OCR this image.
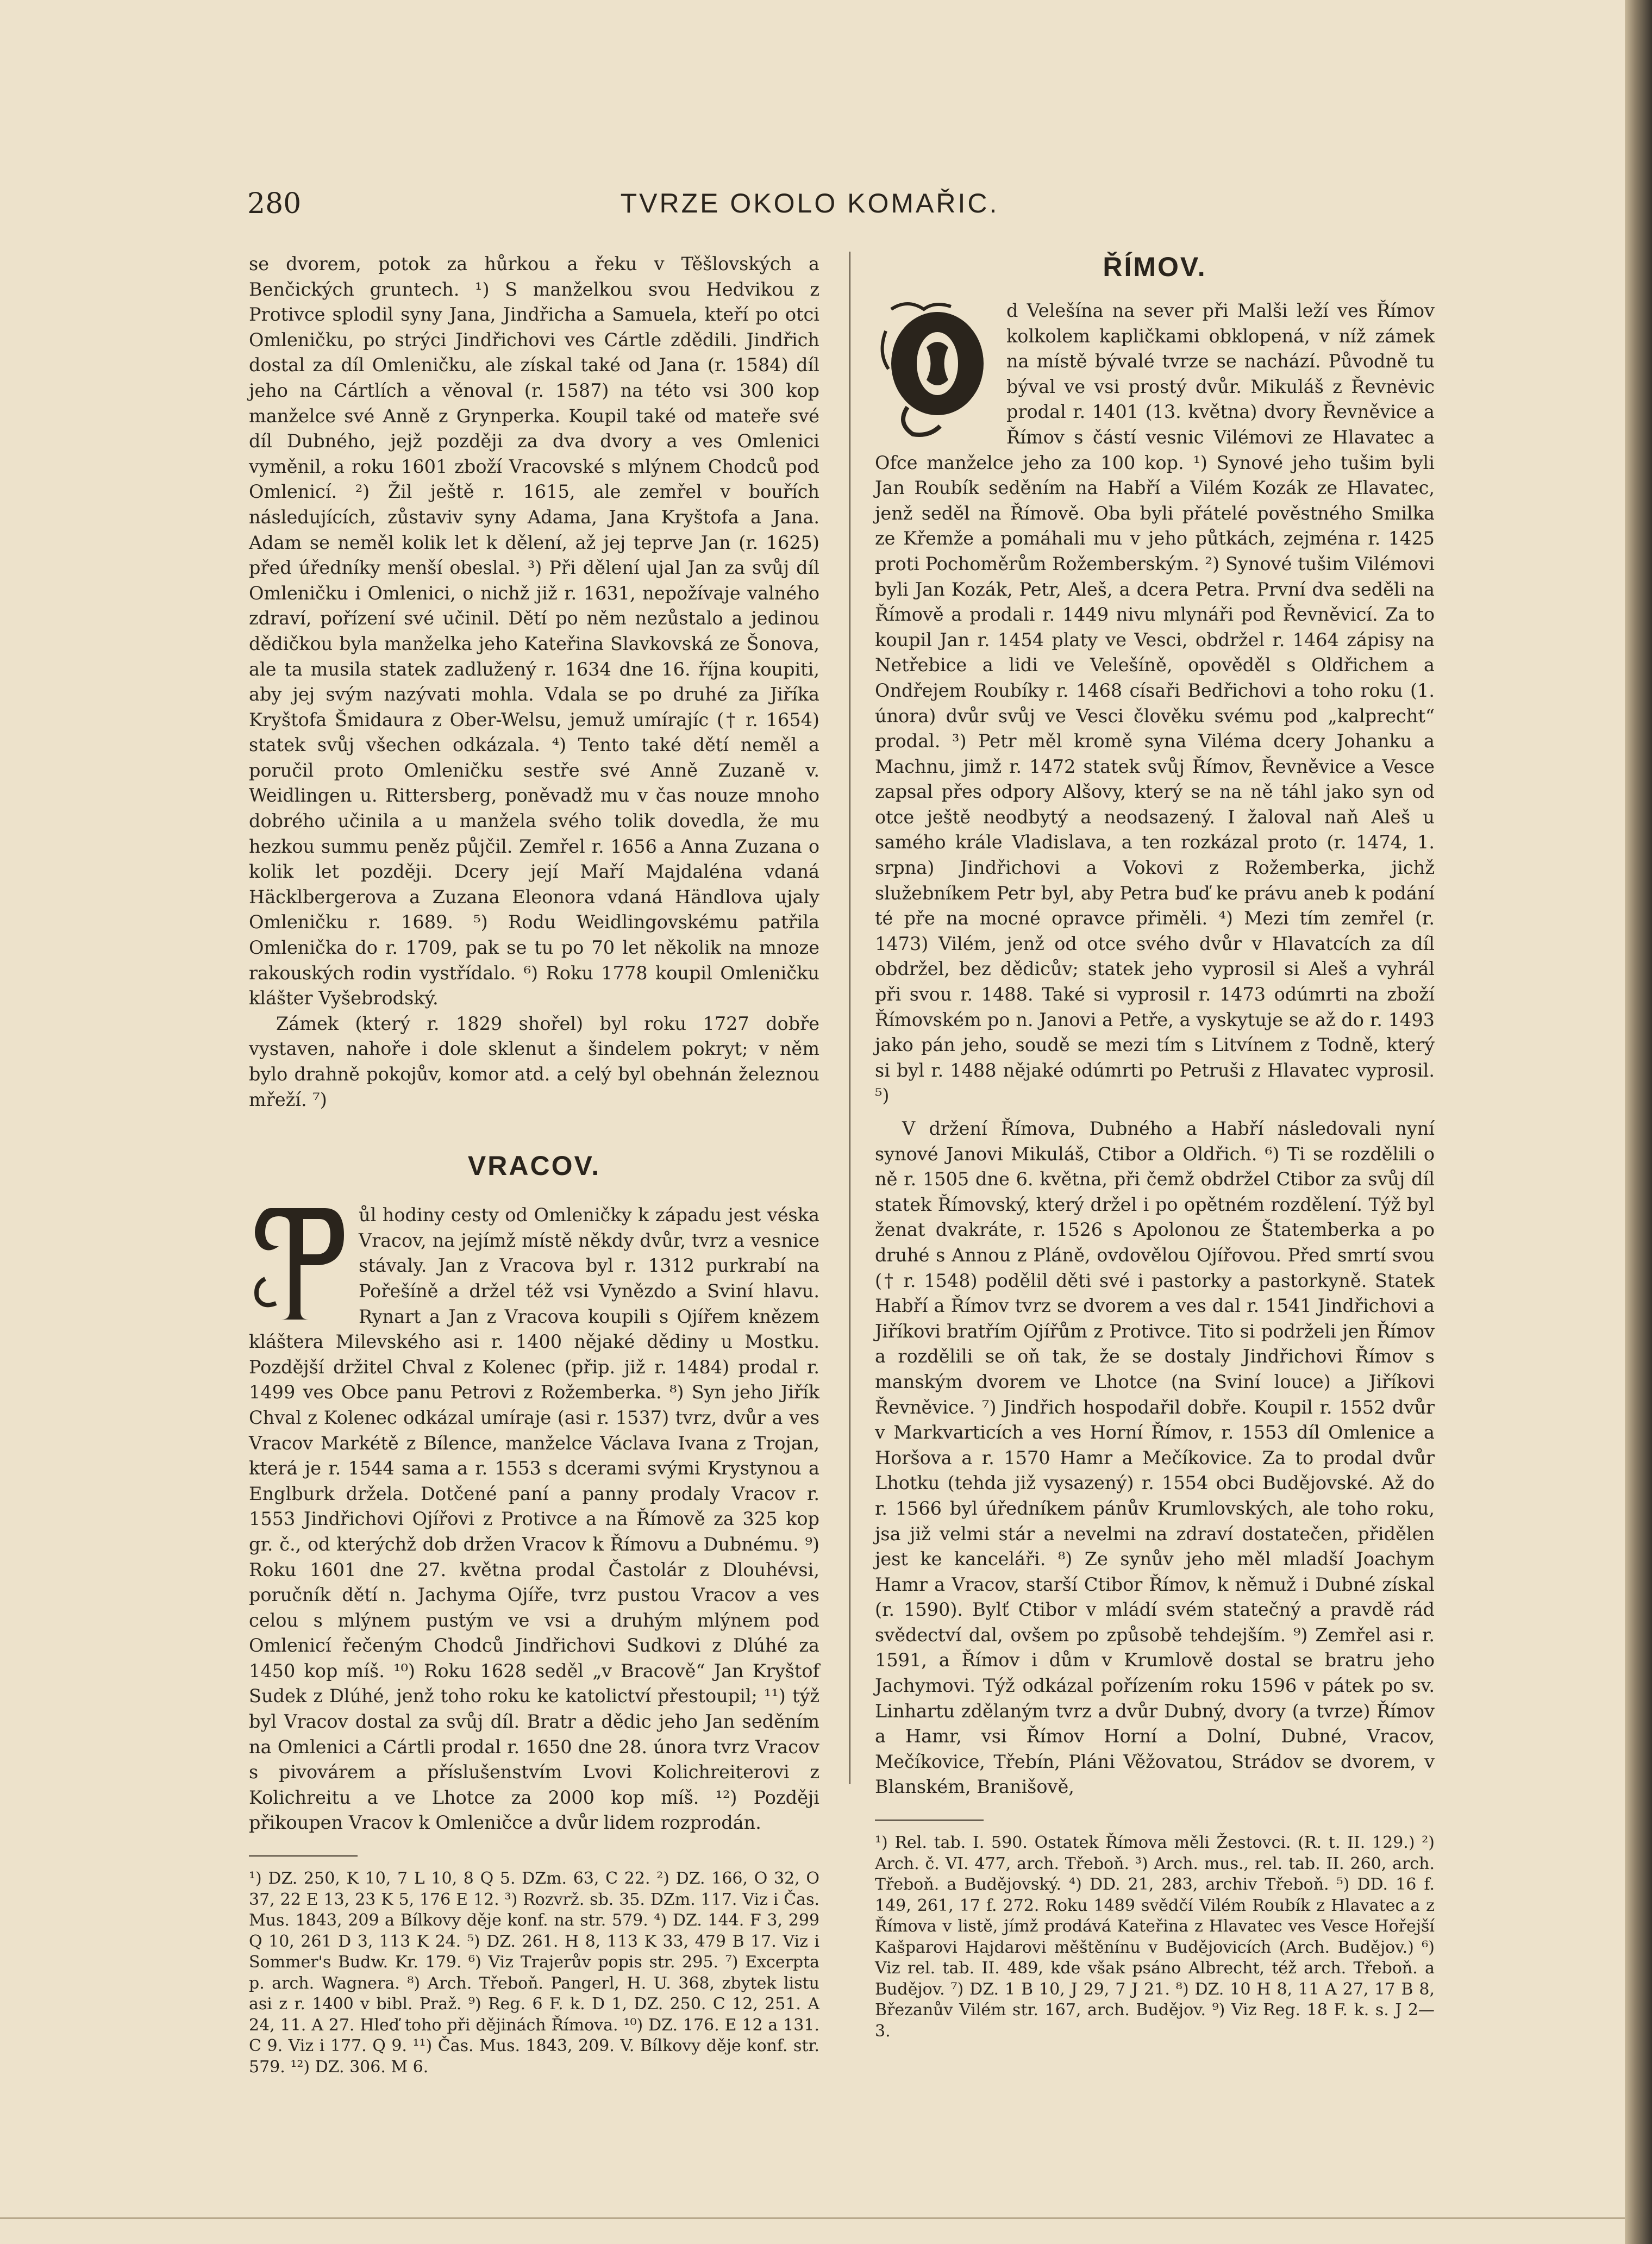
280	TVRZE OKOLO KOMAŘIC.

se dvorem, potok za hůrkou a řeku v Těšlovských a Benčických gruntech. ¹) S manželkou svou Hedvikou z Protivce splodil syny Jana, Jindřicha a Samuela, kteří po otci Omleničku, po strýci Jindřichovi ves Cártle zdědili. Jindřich dostal za díl Omleničku, ale získal také od Jana (r. 1584) díl jeho na Cártlích a věnoval (r. 1587) na této vsi 300 kop manželce své Anně z Grynperka. Koupil také od mateře své díl Dubného, jejž později za dva dvory a ves Omlenici vyměnil, a roku 1601 zboží Vracovské s mlýnem Chodců pod Omlenicí. ²) Žil ještě r. 1615, ale zemřel v bouřích následujících, zůstaviv syny Adama, Jana Kryštofa a Jana. Adam se neměl kolik let k dělení, až jej teprve Jan (r. 1625) před úředníky menší obeslal. ³) Při dělení ujal Jan za svůj díl Omleničku i Omlenici, o nichž již r. 1631, nepožívaje valného zdraví, pořízení své učinil. Dětí po něm nezůstalo a jedinou dědičkou byla manželka jeho Kateřina Slavkovská ze Šonova, ale ta musila statek zadlužený r. 1634 dne 16. října koupiti, aby jej svým nazývati mohla. Vdala se po druhé za Jiříka Kryštofa Šmidaura z Ober-Welsu, jemuž umírajíc († r. 1654) statek svůj všechen odkázala. ⁴) Tento také dětí neměl a poručil proto Omleničku sestře své Anně Zuzaně v. Weidlingen u. Rittersberg, poněvadž mu v čas nouze mnoho dobrého učinila a u manžela svého tolik dovedla, že mu hezkou summu peněz půjčil. Zemřel r. 1656 a Anna Zuzana o kolik let později. Dcery její Maří Majdaléna vdaná Häcklbergerova a Zuzana Eleonora vdaná Händlova ujaly Omleničku r. 1689. ⁵) Rodu Weidlingovskému patřila Omlenička do r. 1709, pak se tu po 70 let několik na mnoze rakouských rodin vystřídalo. ⁶) Roku 1778 koupil Omleničku klášter Vyšebrodský.

Zámek (který r. 1829 shořel) byl roku 1727 dobře vystaven, nahoře i dole sklenut a šindelem pokryt; v něm bylo drahně pokojův, komor atd. a celý byl obehnán železnou mřeží. ⁷)

VRACOV.

ůl hodiny cesty od Omleničky k západu jest véska Vracov, na jejímž místě někdy dvůr, tvrz a vesnice stávaly. Jan z Vracova byl r. 1312 purkrabí na Pořešíně a držel též vsi Vynězdo a Sviní hlavu. Rynart a Jan z Vracova koupili s Ojířem knězem kláštera Milevského asi r. 1400 nějaké dědiny u Mostku. Pozdější držitel Chval z Kolenec (přip. již r. 1484) prodal r. 1499 ves Obce panu Petrovi z Rožemberka. ⁸) Syn jeho Jiřík Chval z Kolenec odkázal umíraje (asi r. 1537) tvrz, dvůr a ves Vracov Markétě z Bílence, manželce Václava Ivana z Trojan, která je r. 1544 sama a r. 1553 s dcerami svými Krystynou a Englburk držela. Dotčené paní a panny prodaly Vracov r. 1553 Jindřichovi Ojířovi z Protivce a na Římově za 325 kop gr. č., od kterýchž dob držen Vracov k Římovu a Dubnému. ⁹) Roku 1601 dne 27. května prodal Častolár z Dlouhévsi, poručník dětí n. Jachyma Ojíře, tvrz pustou Vracov a ves celou s mlýnem pustým ve vsi a druhým mlýnem pod Omlenicí řečeným Chodců Jindřichovi Sudkovi z Dlúhé za 1450 kop míš. ¹⁰) Roku 1628 seděl „v Bracově“ Jan Kryštof Sudek z Dlúhé, jenž toho roku ke katolictví přestoupil; ¹¹) týž byl Vracov dostal za svůj díl. Bratr a dědic jeho Jan seděním na Omlenici a Cártli prodal r. 1650 dne 28. února tvrz Vracov s pivovárem a příslušenstvím Lvovi Kolichreiterovi z Kolichreitu a ve Lhotce za 2000 kop míš. ¹²) Později přikoupen Vracov k Omleničce a dvůr lidem rozprodán.

¹) DZ. 250, K 10, 7 L 10, 8 Q 5. DZm. 63, C 22. ²) DZ. 166, O 32, O 37, 22 E 13, 23 K 5, 176 E 12. ³) Rozvrž. sb. 35. DZm. 117. Viz i Čas. Mus. 1843, 209 a Bílkovy děje konf. na str. 579. ⁴) DZ. 144. F 3, 299 Q 10, 261 D 3, 113 K 24. ⁵) DZ. 261. H 8, 113 K 33, 479 B 17. Viz i Sommer's Budw. Kr. 179. ⁶) Viz Trajerův popis str. 295. ⁷) Excerpta p. arch. Wagnera. ⁸) Arch. Třeboň. Pangerl, H. U. 368, zbytek listu asi z r. 1400 v bibl. Praž. ⁹) Reg. 6 F. k. D 1, DZ. 250. C 12, 251. A 24, 11. A 27. Hleď toho při dějinách Římova. ¹⁰) DZ. 176. E 12 a 131. C 9. Viz i 177. Q 9. ¹¹) Čas. Mus. 1843, 209. V. Bílkovy děje konf. str. 579. ¹²) DZ. 306. M 6.
ŘÍMOV.

d Velešína na sever při Malši leží ves Římov kolkolem kapličkami obklopená, v níž zámek na místě bývalé tvrze se nachází. Původně tu býval ve vsi prostý dvůr. Mikuláš z Řevnėvic prodal r. 1401 (13. května) dvory Řevněvice a Římov s částí vesnic Vilémovi ze Hlavatec a Ofce manželce jeho za 100 kop. ¹) Synové jeho tušim byli Jan Roubík seděním na Habří a Vilém Kozák ze Hlavatec, jenž seděl na Římově. Oba byli přátelé pověstného Smilka ze Křemže a pomáhali mu v jeho půtkách, zejména r. 1425 proti Pochoměrům Rožemberským. ²) Synové tušim Vilémovi byli Jan Kozák, Petr, Aleš, a dcera Petra. První dva seděli na Římově a prodali r. 1449 nivu mlynáři pod Řevněvicí. Za to koupil Jan r. 1454 platy ve Vesci, obdržel r. 1464 zápisy na Netřebice a lidi ve Velešíně, opověděl s Oldřichem a Ondřejem Roubíky r. 1468 císaři Bedřichovi a toho roku (1. února) dvůr svůj ve Vesci člověku svému pod „kalprecht“ prodal. ³) Petr měl kromě syna Viléma dcery Johanku a Machnu, jimž r. 1472 statek svůj Římov, Řevněvice a Vesce zapsal přes odpory Alšovy, který se na ně táhl jako syn od otce ještě neodbytý a neodsazený. I žaloval naň Aleš u samého krále Vladislava, a ten rozkázal proto (r. 1474, 1. srpna) Jindřichovi a Vokovi z Rožemberka, jichž služebníkem Petr byl, aby Petra buď ke právu aneb k podání té pře na mocné opravce přiměli. ⁴) Mezi tím zemřel (r. 1473) Vilém, jenž od otce svého dvůr v Hlavatcích za díl obdržel, bez dědicův; statek jeho vyprosil si Aleš a vyhrál při svou r. 1488. Také si vyprosil r. 1473 odúmrti na zboží Římovském po n. Janovi a Petře, a vyskytuje se až do r. 1493 jako pán jeho, soudě se mezi tím s Litvínem z Todně, který si byl r. 1488 nějaké odúmrti po Petruši z Hlavatec vyprosil. ⁵)

V držení Římova, Dubného a Habří následovali nyní synové Janovi Mikuláš, Ctibor a Oldřich. ⁶) Ti se rozdělili o ně r. 1505 dne 6. května, při čemž obdržel Ctibor za svůj díl statek Římovský, který držel i po opětném rozdělení. Týž byl ženat dvakráte, r. 1526 s Apolonou ze Štatemberka a po druhé s Annou z Pláně, ovdovělou Ojířovou. Před smrtí svou († r. 1548) podělil děti své i pastorky a pastorkyně. Statek Habří a Římov tvrz se dvorem a ves dal r. 1541 Jindřichovi a Jiříkovi bratřím Ojířům z Protivce. Tito si podrželi jen Římov a rozdělili se oň tak, že se dostaly Jindřichovi Římov s manským dvorem ve Lhotce (na Sviní louce) a Jiříkovi Řevněvice. ⁷) Jindřich hospodařil dobře. Koupil r. 1552 dvůr v Markvarticích a ves Horní Římov, r. 1553 díl Omlenice a Horšova a r. 1570 Hamr a Mečíkovice. Za to prodal dvůr Lhotku (tehda již vysazený) r. 1554 obci Budějovské. Až do r. 1566 byl úředníkem pánův Krumlovských, ale toho roku, jsa již velmi stár a nevelmi na zdraví dostatečen, přidělen jest ke kanceláři. ⁸) Ze synův jeho měl mladší Joachym Hamr a Vracov, starší Ctibor Římov, k němuž i Dubné získal (r. 1590). Bylť Ctibor v mládí svém statečný a pravdě rád svědectví dal, ovšem po způsobě tehdejším. ⁹) Zemřel asi r. 1591, a Římov i dům v Krumlově dostal se bratru jeho Jachymovi. Týž odkázal pořízením roku 1596 v pátek po sv. Linhartu zdělaným tvrz a dvůr Dubný, dvory (a tvrze) Římov a Hamr, vsi Římov Horní a Dolní, Dubné, Vracov, Mečíkovice, Třebín, Pláni Věžovatou, Strádov se dvorem, v Blanském, Branišově,

¹) Rel. tab. I. 590. Ostatek Římova měli Žestovci. (R. t. II. 129.) ²) Arch. č. VI. 477, arch. Třeboň. ³) Arch. mus., rel. tab. II. 260, arch. Třeboň. a Budějovský. ⁴) DD. 21, 283, archiv Třeboň. ⁵) DD. 16 f. 149, 261, 17 f. 272. Roku 1489 svědčí Vilém Roubík z Hlavatec a z Římova v listě, jímž prodává Kateřina z Hlavatec ves Vesce Hořejší Kašparovi Hajdarovi měštěnínu v Budějovicích (Arch. Budějov.) ⁶) Viz rel. tab. II. 489, kde však psáno Albrecht, též arch. Třeboň. a Budějov. ⁷) DZ. 1 B 10, J 29, 7 J 21. ⁸) DZ. 10 H 8, 11 A 27, 17 B 8, Březanův Vilém str. 167, arch. Budějov. ⁹) Viz Reg. 18 F. k. s. J 2—3.
